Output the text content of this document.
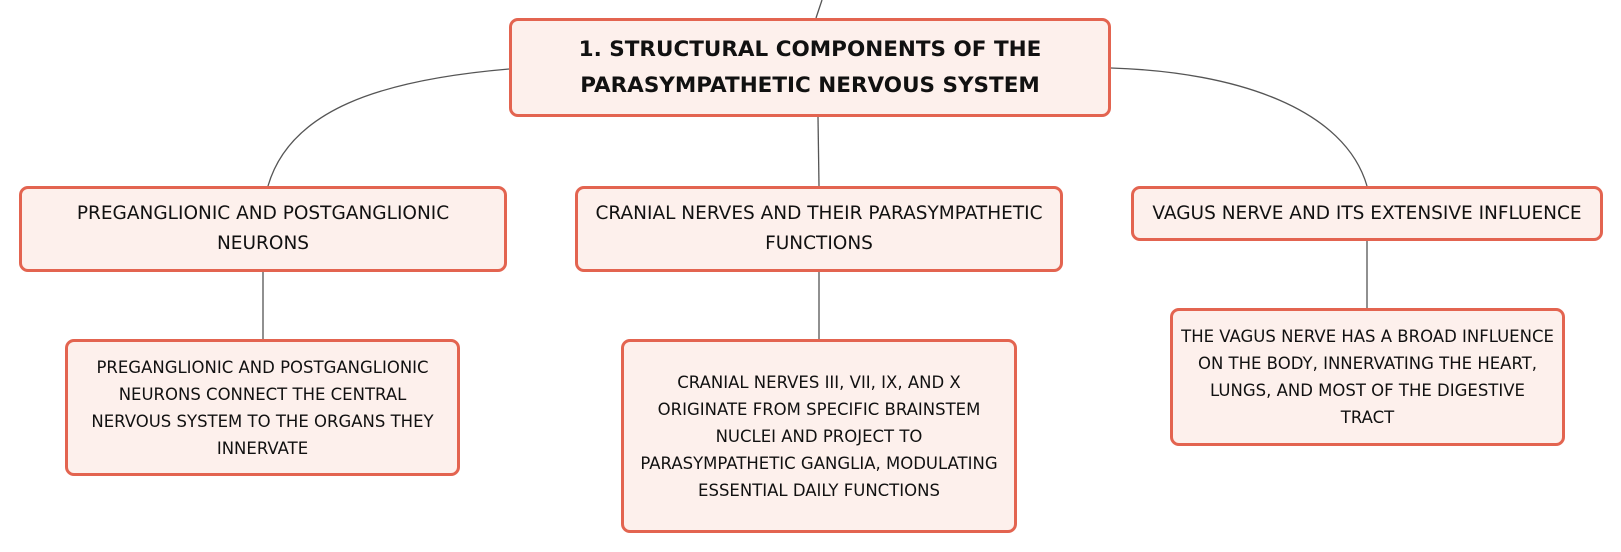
1. STRUCTURAL COMPONENTS OF THE PARASYMPATHETIC NERVOUS SYSTEM
PREGANGLIONIC AND POSTGANGLIONIC NEURONS
CRANIAL NERVES AND THEIR PARASYMPATHETIC FUNCTIONS
VAGUS NERVE AND ITS EXTENSIVE INFLUENCE
PREGANGLIONIC AND POSTGANGLIONIC NEURONS CONNECT THE CENTRAL NERVOUS SYSTEM TO THE ORGANS THEY INNERVATE
CRANIAL NERVES III, VII, IX, AND X ORIGINATE FROM SPECIFIC BRAINSTEM NUCLEI AND PROJECT TO PARASYMPATHETIC GANGLIA, MODULATING ESSENTIAL DAILY FUNCTIONS
THE VAGUS NERVE HAS A BROAD INFLUENCE ON THE BODY, INNERVATING THE HEART, LUNGS, AND MOST OF THE DIGESTIVE TRACT
